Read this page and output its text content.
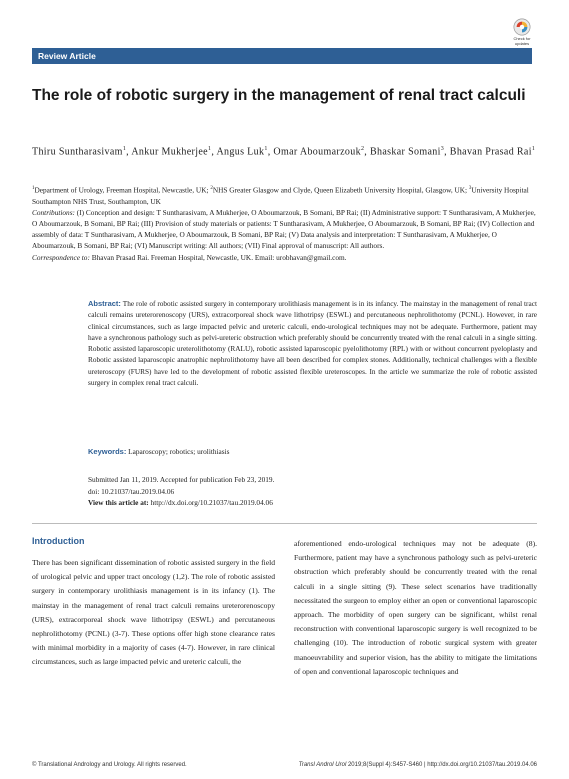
Review Article
Check for
updates
The role of robotic surgery in the management of renal tract calculi
Thiru Suntharasivam$^1$, Ankur Mukherjee$^1$, Angus Luk$^1$, Omar Aboumarzouk$^2$, Bhaskar Somani$^3$, Bhavan Prasad Rai$^1$
$^1$Department of Urology, Freeman Hospital, Newcastle, UK; $^2$NHS Greater Glasgow and Clyde, Queen Elizabeth University Hospital, Glasgow, UK; $^3$University Hospital Southampton NHS Trust, Southampton, UK
Contributions: (I) Conception and design: T Suntharasivam, A Mukherjee, O Aboumarzouk, B Somani, BP Rai; (II) Administrative support: T Suntharasivam, A Mukherjee, O Aboumarzouk, B Somani, BP Rai; (III) Provision of study materials or patients: T Suntharasivam, A Mukherjee, O Aboumarzouk, B Somani, BP Rai; (IV) Collection and assembly of data: T Suntharasivam, A Mukherjee, O Aboumarzouk, B Somani, BP Rai; (V) Data analysis and interpretation: T Suntharasivam, A Mukherjee, O Aboumarzouk, B Somani, BP Rai; (VI) Manuscript writing: All authors; (VII) Final approval of manuscript: All authors.
Correspondence to: Bhavan Prasad Rai. Freeman Hospital, Newcastle, UK. Email: urobhavan@gmail.com.
Abstract: The role of robotic assisted surgery in contemporary urolithiasis management is in its infancy. The mainstay in the management of renal tract calculi remains ureterorenoscopy (URS), extracorporeal shock wave lithotripsy (ESWL) and percutaneous nephrolithotomy (PCNL). However, in rare clinical circumstances, such as large impacted pelvic and ureteric calculi, endo-urological techniques may not be adequate. Furthermore, patient may have a synchronous pathology such as pelvi-ureteric obstruction which preferably should be concurrently treated with the renal calculi in a single sitting. Robotic assisted laparoscopic ureterolithotomy (RALU), robotic assisted laparoscopic pyelolithotomy (RPL) with or without concurrent pyeloplasty and Robotic assisted laparoscopic anatrophic nephrolithotomy have all been described for complex stones. Additionally, technical challenges with a flexible ureteroscopy (FURS) have led to the development of robotic assisted flexible ureteroscopes. In the article we summarize the role of robotic assisted surgery in complex renal tract calculi.
Keywords: Laparoscopy; robotics; urolithiasis
Submitted Jan 11, 2019. Accepted for publication Feb 23, 2019.
doi: 10.21037/tau.2019.04.06
View this article at: http://dx.doi.org/10.21037/tau.2019.04.06
Introduction
There has been significant dissemination of robotic assisted surgery in the field of urological pelvic and upper tract oncology (1,2). The role of robotic assisted surgery in contemporary urolithiasis management is in its infancy (1). The mainstay in the management of renal tract calculi remains ureterorenoscopy (URS), extracorporeal shock wave lithotripsy (ESWL) and percutaneous nephrolithotomy (PCNL) (3-7). These options offer high stone clearance rates with minimal morbidity in a majority of cases (4-7). However, in rare clinical circumstances, such as large impacted pelvic and ureteric calculi, the
aforementioned endo-urological techniques may not be adequate (8). Furthermore, patient may have a synchronous pathology such as pelvi-ureteric obstruction which preferably should be concurrently treated with the renal calculi in a single sitting (9). These select scenarios have traditionally necessitated the surgeon to employ either an open or conventional laparoscopic approach. The morbidity of open surgery can be significant, whilst renal reconstruction with conventional laparoscopic surgery is well recognized to be challenging (10). The introduction of robotic surgical system with greater manoeuvrability and superior vision, has the ability to mitigate the limitations of open and conventional laparoscopic techniques and
© Translational Andrology and Urology. All rights reserved.	Transl Androl Urol 2019;8(Suppl 4):S457-S460 | http://dx.doi.org/10.21037/tau.2019.04.06
